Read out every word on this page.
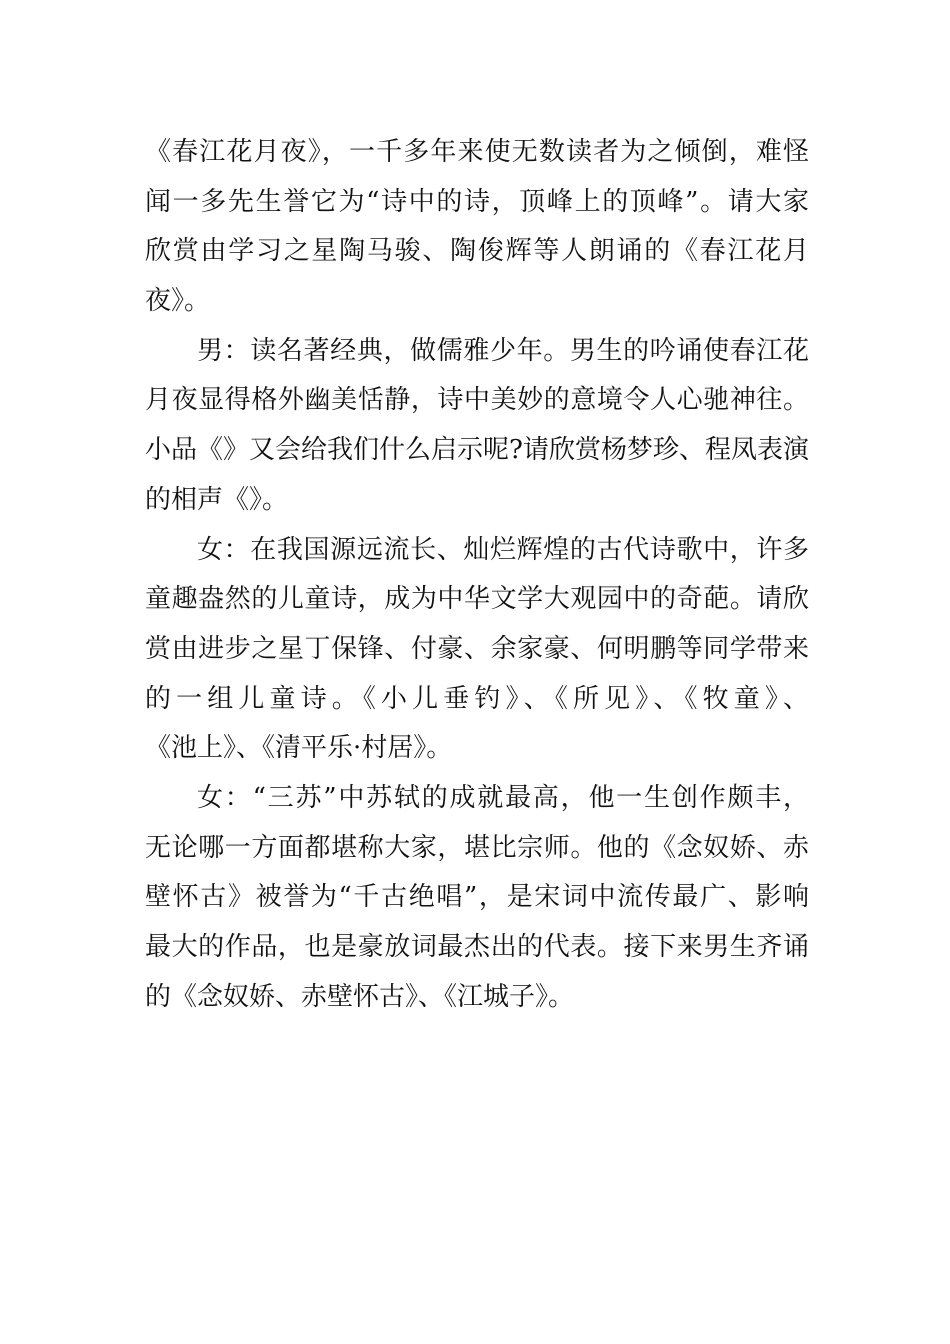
《春江花月夜》，一千多年来使无数读者为之倾倒，难怪
闻一多先生誉它为“诗中的诗，顶峰上的顶峰”。请大家
欣赏由学习之星陶马骏、陶俊辉等人朗诵的《春江花月
夜》。
男：读名著经典，做儒雅少年。男生的吟诵使春江花
月夜显得格外幽美恬静，诗中美妙的意境令人心驰神往。
小品《》又会给我们什么启示呢?请欣赏杨梦珍、程凤表演
的相声《》。
女：在我国源远流长、灿烂辉煌的古代诗歌中，许多
童趣盎然的儿童诗，成为中华文学大观园中的奇葩。请欣
赏由进步之星丁保锋、付豪、余家豪、何明鹏等同学带来
的一组儿童诗。《小儿垂钓》、《所见》、《牧童》、
《池上》、《清平乐·村居》。
女：“三苏”中苏轼的成就最高，他一生创作颇丰，
无论哪一方面都堪称大家，堪比宗师。他的《念奴娇、赤
壁怀古》被誉为“千古绝唱”，是宋词中流传最广、影响
最大的作品，也是豪放词最杰出的代表。接下来男生齐诵
的《念奴娇、赤壁怀古》、《江城子》。
